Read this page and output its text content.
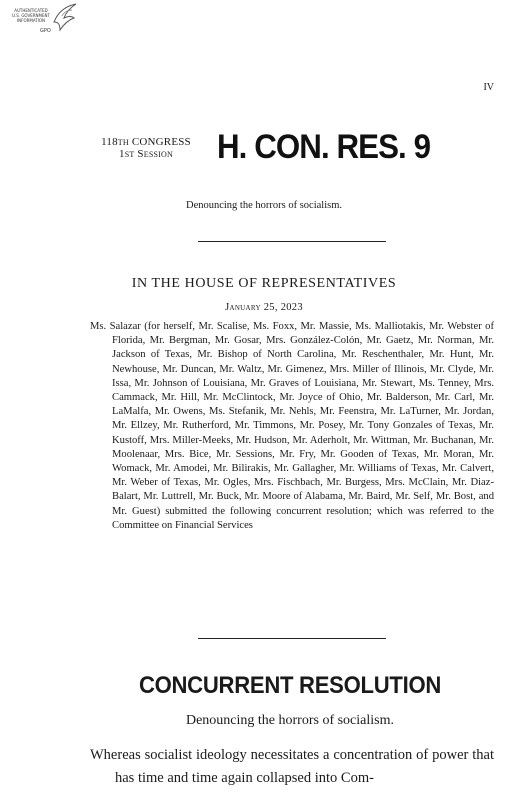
AUTHENTICATED
U.S. GOVERNMENT
INFORMATION
GPO
IV
118th CONGRESS
1st Session	H. CON. RES. 9
Denouncing the horrors of socialism.
IN THE HOUSE OF REPRESENTATIVES
January 25, 2023

Ms. Salazar (for herself, Mr. Scalise, Ms. Foxx, Mr. Massie, Ms. Malliotakis, Mr. Webster of Florida, Mr. Bergman, Mr. Gosar, Mrs. González-Colón, Mr. Gaetz, Mr. Norman, Mr. Jackson of Texas, Mr. Bishop of North Carolina, Mr. Reschenthaler, Mr. Hunt, Mr. Newhouse, Mr. Duncan, Mr. Waltz, Mr. Gimenez, Mrs. Miller of Illinois, Mr. Clyde, Mr. Issa, Mr. Johnson of Louisiana, Mr. Graves of Louisiana, Mr. Stewart, Ms. Tenney, Mrs. Cammack, Mr. Hill, Mr. McClintock, Mr. Joyce of Ohio, Mr. Balderson, Mr. Carl, Mr. LaMalfa, Mr. Owens, Ms. Stefanik, Mr. Nehls, Mr. Feenstra, Mr. LaTurner, Mr. Jordan, Mr. Ellzey, Mr. Rutherford, Mr. Timmons, Mr. Posey, Mr. Tony Gonzales of Texas, Mr. Kustoff, Mrs. Miller-Meeks, Mr. Hudson, Mr. Aderholt, Mr. Wittman, Mr. Buchanan, Mr. Moolenaar, Mrs. Bice, Mr. Sessions, Mr. Fry, Mr. Gooden of Texas, Mr. Moran, Mr. Womack, Mr. Amodei, Mr. Bilirakis, Mr. Gallagher, Mr. Williams of Texas, Mr. Calvert, Mr. Weber of Texas, Mr. Ogles, Mrs. Fischbach, Mr. Burgess, Mrs. McClain, Mr. Diaz-Balart, Mr. Luttrell, Mr. Buck, Mr. Moore of Alabama, Mr. Baird, Mr. Self, Mr. Bost, and Mr. Guest) submitted the following concurrent resolution; which was referred to the Committee on Financial Services

CONCURRENT RESOLUTION
Denouncing the horrors of socialism.

Whereas socialist ideology necessitates a concentration of power that has time and time again collapsed into Com-
